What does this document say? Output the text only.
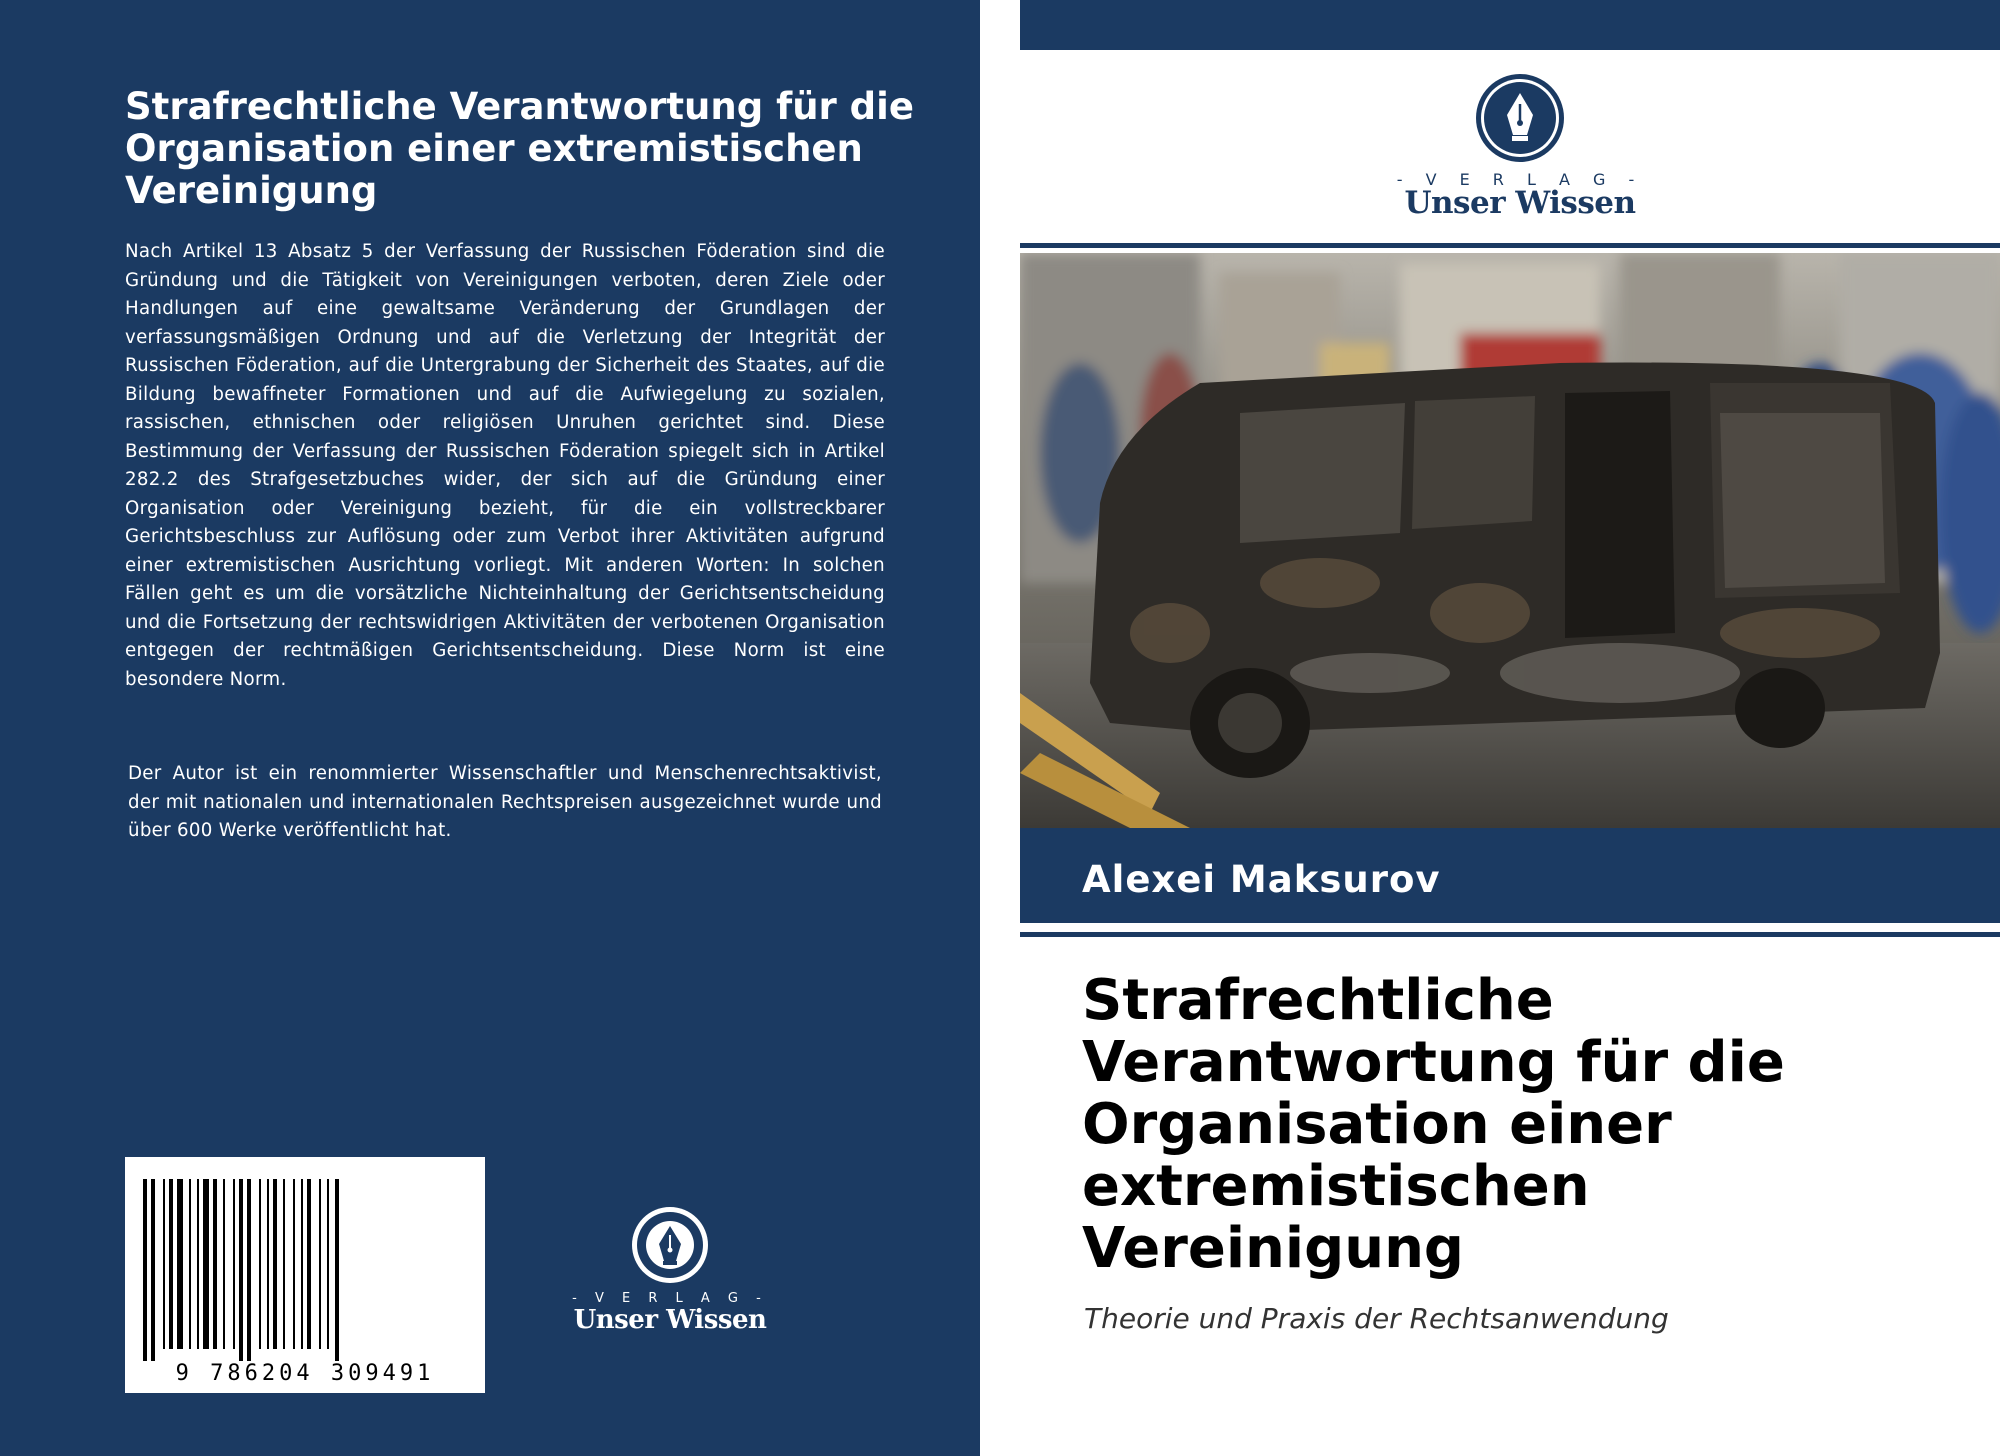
Strafrechtliche Verantwortung für die Organisation einer extremistischen Vereinigung

Nach Artikel 13 Absatz 5 der Verfassung der Russischen Föderation sind die Gründung und die Tätigkeit von Vereinigungen verboten, deren Ziele oder Handlungen auf eine gewaltsame Veränderung der Grundlagen der verfassungsmäßigen Ordnung und auf die Verletzung der Integrität der Russischen Föderation, auf die Untergrabung der Sicherheit des Staates, auf die Bildung bewaffneter Formationen und auf die Aufwiegelung zu sozialen, rassischen, ethnischen oder religiösen Unruhen gerichtet sind. Diese Bestimmung der Verfassung der Russischen Föderation spiegelt sich in Artikel 282.2 des Strafgesetzbuches wider, der sich auf die Gründung einer Organisation oder Vereinigung bezieht, für die ein vollstreckbarer Gerichtsbeschluss zur Auflösung oder zum Verbot ihrer Aktivitäten aufgrund einer extremistischen Ausrichtung vorliegt. Mit anderen Worten: In solchen Fällen geht es um die vorsätzliche Nichteinhaltung der Gerichtsentscheidung und die Fortsetzung der rechtswidrigen Aktivitäten der verbotenen Organisation entgegen der rechtmäßigen Gerichtsentscheidung. Diese Norm ist eine besondere Norm.

Der Autor ist ein renommierter Wissenschaftler und Menschenrechtsaktivist, der mit nationalen und internationalen Rechtspreisen ausgezeichnet wurde und über 600 Werke veröffentlicht hat.

9 786204 309491
- V E R L A G -
Unser Wissen
- V E R L A G -
Unser Wissen

Alexei Maksurov

Strafrechtliche Verantwortung für die Organisation einer extremistischen Vereinigung

Theorie und Praxis der Rechtsanwendung
